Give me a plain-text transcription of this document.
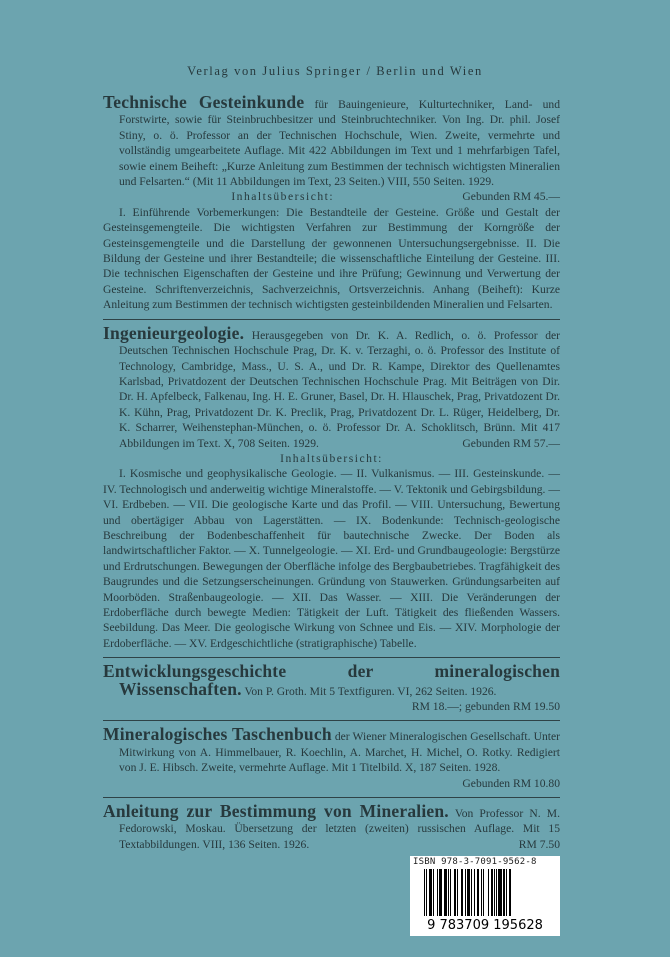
Verlag von Julius Springer / Berlin und Wien

Technische Gesteinkunde für Bauingenieure, Kulturtechniker, Land- und Forstwirte, sowie für Steinbruchbesitzer und Steinbruchtechniker. Von Ing. Dr. phil. Josef Stiny, o. ö. Professor an der Technischen Hochschule, Wien. Zweite, vermehrte und vollständig umgearbeitete Auflage. Mit 422 Abbildungen im Text und 1 mehrfarbigen Tafel, sowie einem Beiheft: „Kurze Anleitung zum Bestimmen der technisch wichtigsten Mineralien und Felsarten.“ (Mit 11 Abbildungen im Text, 23 Seiten.) VIII, 550 Seiten. 1929.
Gebunden RM 45.—

Inhaltsübersicht:

I. Einführende Vorbemerkungen: Die Bestandteile der Gesteine. Größe und Gestalt der Gesteinsgemengteile. Die wichtigsten Verfahren zur Bestimmung der Korngröße der Gesteinsgemengteile und die Darstellung der gewonnenen Untersuchungsergebnisse. II. Die Bildung der Gesteine und ihrer Bestandteile; die wissenschaftliche Einteilung der Gesteine. III. Die technischen Eigenschaften der Gesteine und ihre Prüfung; Gewinnung und Verwertung der Gesteine. Schriftenverzeichnis, Sachverzeichnis, Ortsverzeichnis. Anhang (Beiheft): Kurze Anleitung zum Bestimmen der technisch wichtigsten gesteinbildenden Mineralien und Felsarten.

Ingenieurgeologie. Herausgegeben von Dr. K. A. Redlich, o. ö. Professor der Deutschen Technischen Hochschule Prag, Dr. K. v. Terzaghi, o. ö. Professor des Institute of Technology, Cambridge, Mass., U. S. A., und Dr. R. Kampe, Direktor des Quellenamtes Karlsbad, Privatdozent der Deutschen Technischen Hochschule Prag. Mit Beiträgen von Dir. Dr. H. Apfelbeck, Falkenau, Ing. H. E. Gruner, Basel, Dr. H. Hlauschek, Prag, Privatdozent Dr. K. Kühn, Prag, Privatdozent Dr. K. Preclik, Prag, Privatdozent Dr. L. Rüger, Heidelberg, Dr. K. Scharrer, Weihenstephan-München, o. ö. Professor Dr. A. Schoklitsch, Brünn. Mit 417 Abbildungen im Text. X, 708 Seiten. 1929.	Gebunden RM 57.—

Inhaltsübersicht:

I. Kosmische und geophysikalische Geologie. — II. Vulkanismus. — III. Gesteinskunde. — IV. Technologisch und anderweitig wichtige Mineralstoffe. — V. Tektonik und Gebirgsbildung. — VI. Erdbeben. — VII. Die geologische Karte und das Profil. — VIII. Untersuchung, Bewertung und obertägiger Abbau von Lagerstätten. — IX. Bodenkunde: Technisch-geologische Beschreibung der Bodenbeschaffenheit für bautechnische Zwecke. Der Boden als landwirtschaftlicher Faktor. — X. Tunnelgeologie. — XI. Erd- und Grundbaugeologie: Bergstürze und Erdrutschungen. Bewegungen der Oberfläche infolge des Bergbaubetriebes. Tragfähigkeit des Baugrundes und die Setzungserscheinungen. Gründung von Stauwerken. Gründungsarbeiten auf Moorböden. Straßenbaugeologie. — XII. Das Wasser. — XIII. Die Veränderungen der Erdoberfläche durch bewegte Medien: Tätigkeit der Luft. Tätigkeit des fließenden Wassers. Seebildung. Das Meer. Die geologische Wirkung von Schnee und Eis. — XIV. Morphologie der Erdoberfläche. — XV. Erdgeschichtliche (stratigraphische) Tabelle.

Entwicklungsgeschichte der mineralogischen Wissenschaften. Von P. Groth. Mit 5 Textfiguren. VI, 262 Seiten. 1926.
RM 18.—; gebunden RM 19.50

Mineralogisches Taschenbuch der Wiener Mineralogischen Gesellschaft. Unter Mitwirkung von A. Himmelbauer, R. Koechlin, A. Marchet, H. Michel, O. Rotky. Redigiert von J. E. Hibsch. Zweite, vermehrte Auflage. Mit 1 Titelbild. X, 187 Seiten. 1928.
Gebunden RM 10.80

Anleitung zur Bestimmung von Mineralien. Von Professor N. M. Fedorowski, Moskau. Übersetzung der letzten (zweiten) russischen Auflage. Mit 15 Textabbildungen. VIII, 136 Seiten. 1926.	RM 7.50

ISBN 978-3-7091-9562-8
9 783709 195628
